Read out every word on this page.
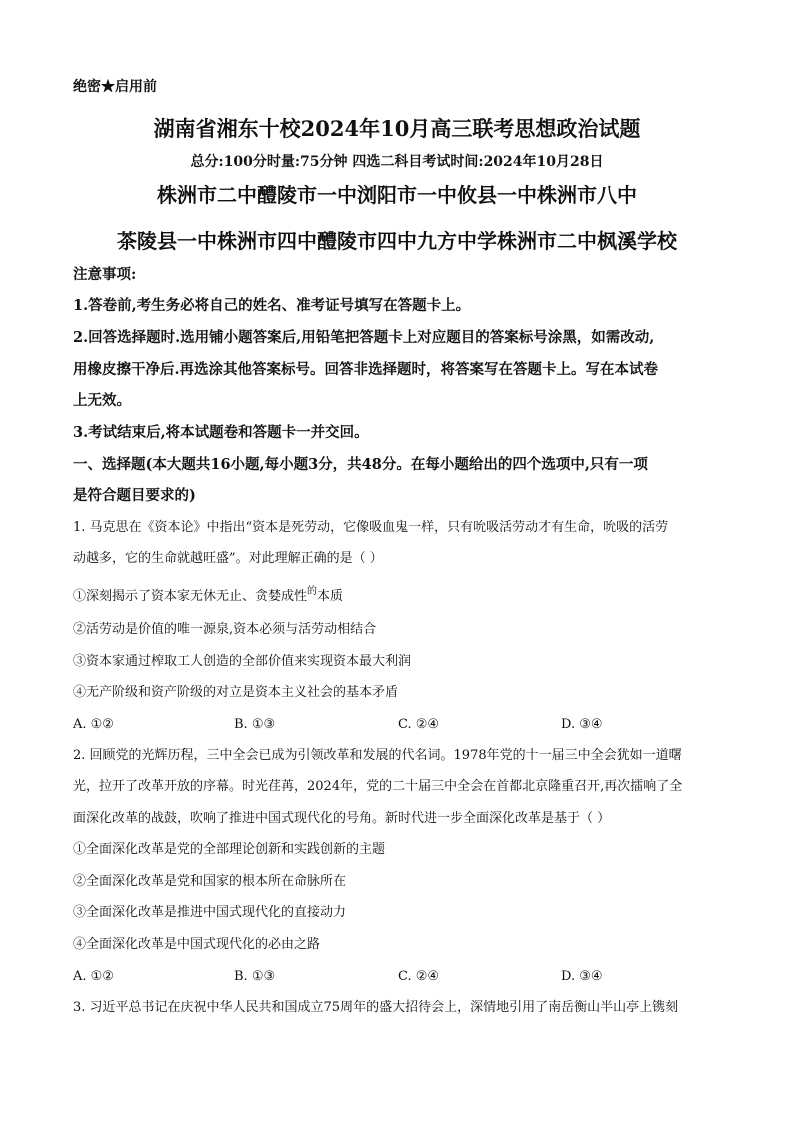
绝密★启用前
湖南省湘东十校2024年10月高三联考思想政治试题
总分:100分时量:75分钟 四选二科目考试时间:2024年10月28日
株洲市二中醴陵市一中浏阳市一中攸县一中株洲市八中
茶陵县一中株洲市四中醴陵市四中九方中学株洲市二中枫溪学校
注意事项:
1.答卷前,考生务必将自己的姓名、准考证号填写在答题卡上。
2.回答选择题时.选用铺小题答案后,用铅笔把答题卡上对应题目的答案标号涂黑，如需改动,
用橡皮擦干净后.再选涂其他答案标号。回答非选择题时，将答案写在答题卡上。写在本试卷
上无效。
3.考试结束后,将本试题卷和答题卡一并交回。
一、选择题(本大题共16小题,每小题3分，共48分。在每小题给出的四个选项中,只有一项
是符合题目要求的)
1. 马克思在《资本论》中指出“资本是死劳动，它像吸血鬼一样，只有吮吸活劳动才有生命，吮吸的活劳
动越多，它的生命就越旺盛”。对此理解正确的是（ ）
①深刻揭示了资本家无休无止、贪婪成性$^的$本质
②活劳动是价值的唯一源泉,资本必须与活劳动相结合
③资本家通过榨取工人创造的全部价值来实现资本最大利润
④无产阶级和资产阶级的对立是资本主义社会的基本矛盾
A. ①②	B. ①③	C. ②④	D. ③④
2. 回顾党的光辉历程，三中全会已成为引领改革和发展的代名词。1978年党的十一届三中全会犹如一道曙
光，拉开了改革开放的序幕。时光荏苒，2024年，党的二十届三中全会在首都北京隆重召开,再次擂响了全
面深化改革的战鼓，吹响了推进中国式现代化的号角。新时代进一步全面深化改革是基于（ ）
①全面深化改革是党的全部理论创新和实践创新的主题
②全面深化改革是党和国家的根本所在命脉所在
③全面深化改革是推进中国式现代化的直接动力
④全面深化改革是中国式现代化的必由之路
A. ①②	B. ①③	C. ②④	D. ③④
3. 习近平总书记在庆祝中华人民共和国成立75周年的盛大招待会上，深情地引用了南岳衡山半山亭上镌刻
